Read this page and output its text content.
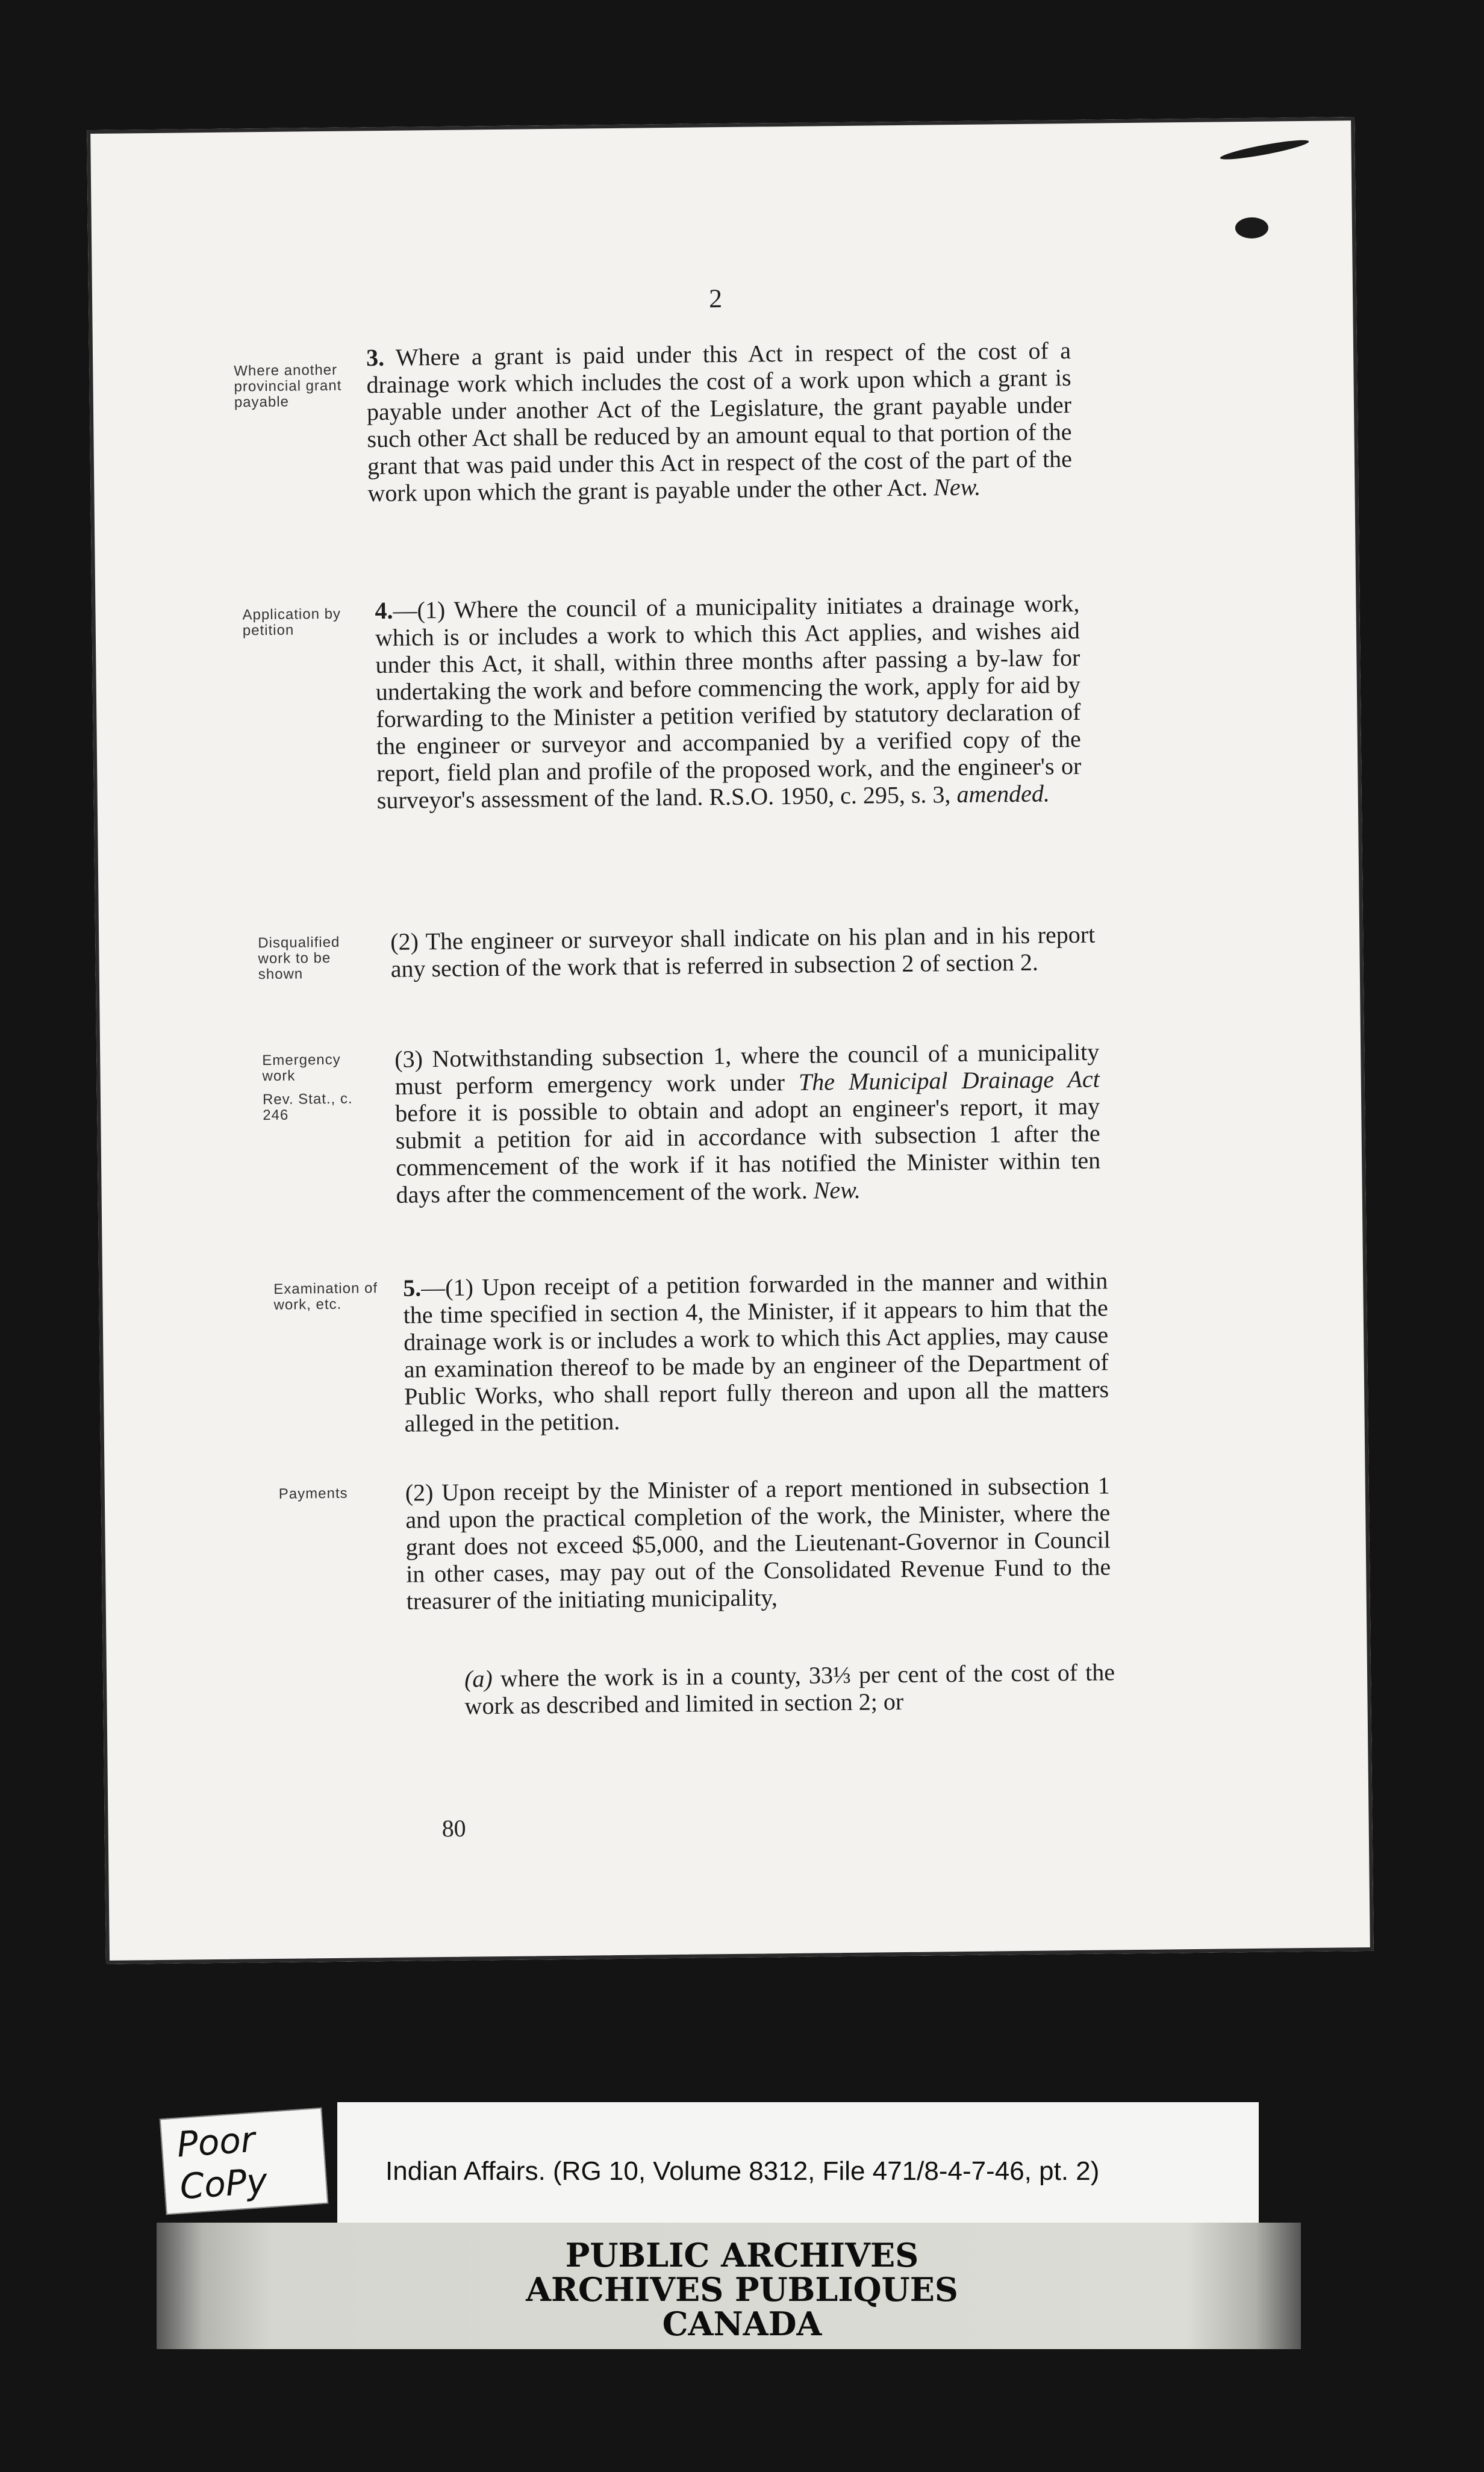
2
Where another provincial grant payable
3. Where a grant is paid under this Act in respect of the cost of a drainage work which includes the cost of a work upon which a grant is payable under another Act of the Legislature, the grant payable under such other Act shall be reduced by an amount equal to that portion of the grant that was paid under this Act in respect of the cost of the part of the work upon which the grant is payable under the other Act. New.
Application by petition
4.—(1) Where the council of a municipality initiates a drainage work, which is or includes a work to which this Act applies, and wishes aid under this Act, it shall, within three months after passing a by-law for undertaking the work and before commencing the work, apply for aid by forwarding to the Minister a petition verified by statutory declaration of the engineer or surveyor and accompanied by a verified copy of the report, field plan and profile of the proposed work, and the engineer's or surveyor's assessment of the land. R.S.O. 1950, c. 295, s. 3, amended.
Disqualified work to be shown
(2) The engineer or surveyor shall indicate on his plan and in his report any section of the work that is referred in subsection 2 of section 2.
Emergency work
Rev. Stat., c. 246
(3) Notwithstanding subsection 1, where the council of a municipality must perform emergency work under The Municipal Drainage Act before it is possible to obtain and adopt an engineer's report, it may submit a petition for aid in accordance with subsection 1 after the commencement of the work if it has notified the Minister within ten days after the commencement of the work. New.
Examination of work, etc.
5.—(1) Upon receipt of a petition forwarded in the manner and within the time specified in section 4, the Minister, if it appears to him that the drainage work is or includes a work to which this Act applies, may cause an examination thereof to be made by an engineer of the Department of Public Works, who shall report fully thereon and upon all the matters alleged in the petition.
Payments	(2) Upon receipt by the Minister of a report mentioned in subsection 1 and upon the practical completion of the work, the Minister, where the grant does not exceed $5,000, and the Lieutenant-Governor in Council in other cases, may pay out of the Consolidated Revenue Fund to the treasurer of the initiating municipality,
(a) where the work is in a county, 33⅓ per cent of the cost of the work as described and limited in section 2; or
80
Indian Affairs. (RG 10, Volume 8312, File 471/8-4-7-46, pt. 2)
Poor
CoPy
PUBLIC ARCHIVES
ARCHIVES PUBLIQUES
CANADA
